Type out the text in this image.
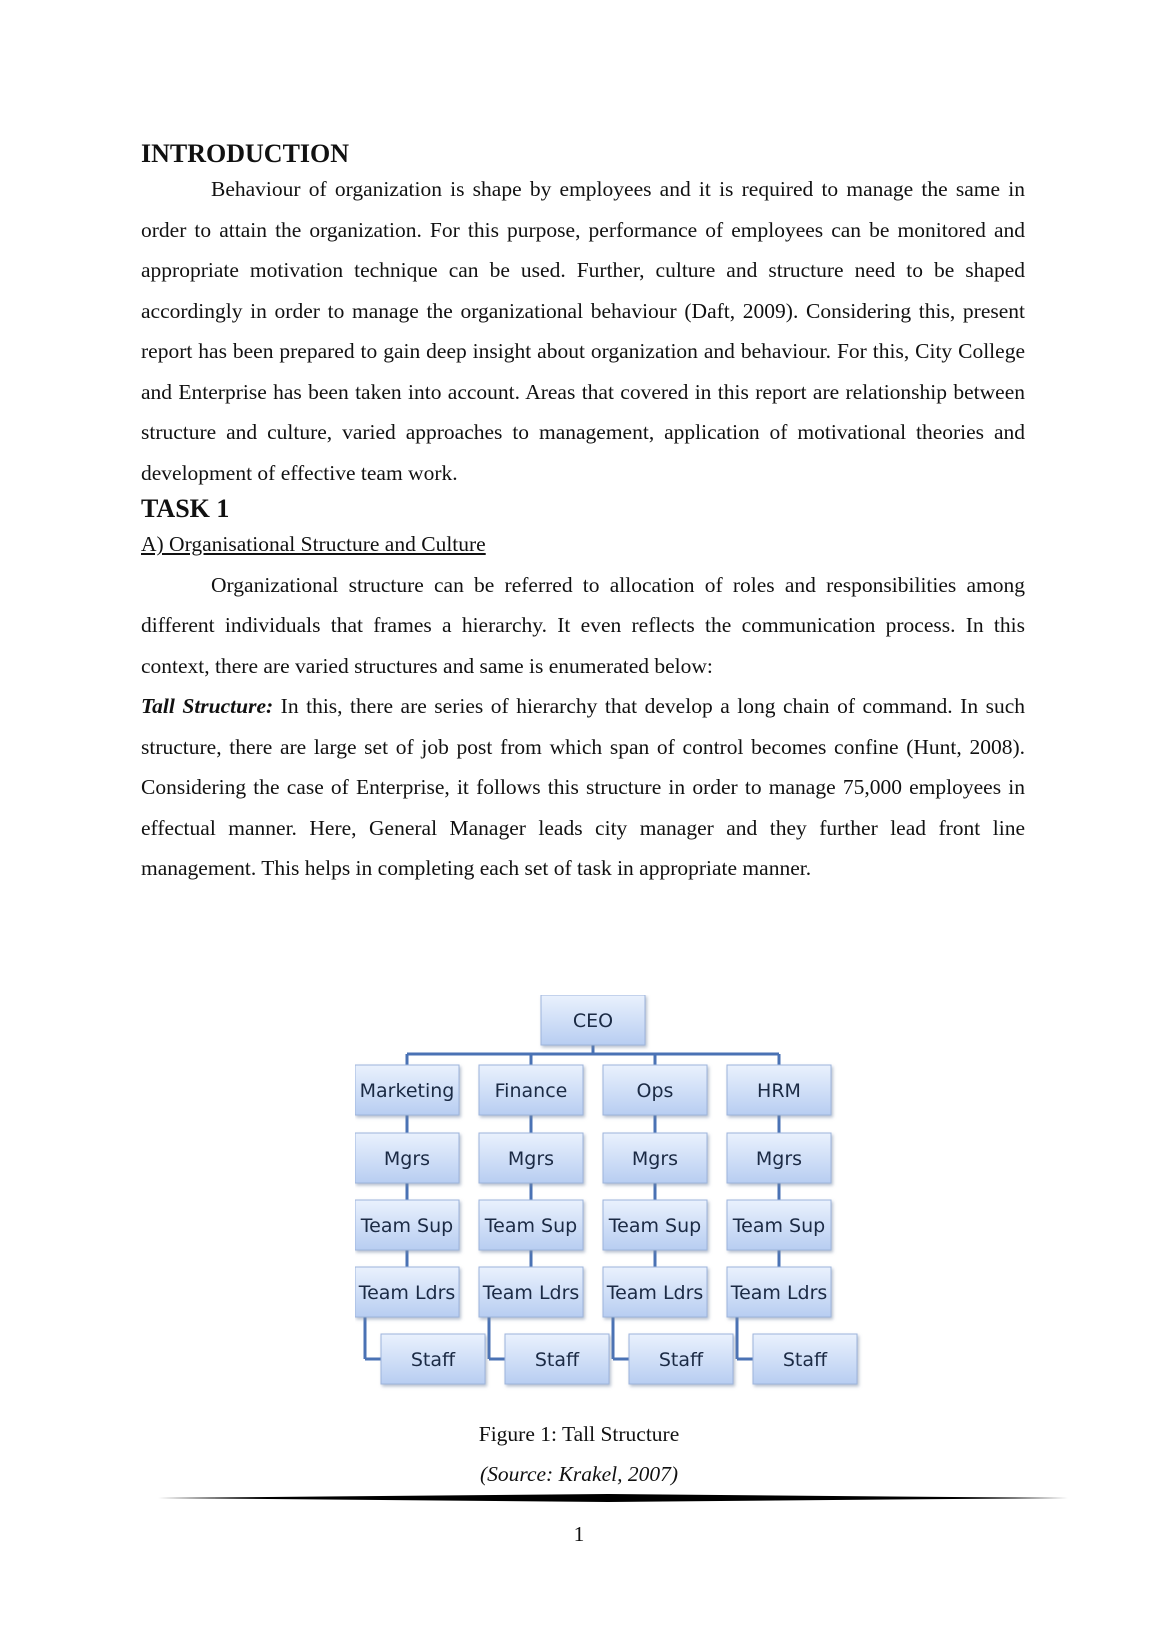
INTRODUCTION

Behaviour of organization is shape by employees and it is required to manage the same in order to attain the organization. For this purpose, performance of employees can be monitored and appropriate motivation technique can be used. Further, culture and structure need to be shaped accordingly in order to manage the organizational behaviour (Daft, 2009). Considering this, present report has been prepared to gain deep insight about organization and behaviour. For this, City College and Enterprise has been taken into account. Areas that covered in this report are relationship between structure and culture, varied approaches to management, application of motivational theories and development of effective team work.

TASK 1

A) Organisational Structure and Culture

Organizational structure can be referred to allocation of roles and responsibilities among different individuals that frames a hierarchy. It even reflects the communication process. In this context, there are varied structures and same is enumerated below:

Tall Structure: In this, there are series of hierarchy that develop a long chain of command. In such structure, there are large set of job post from which span of control becomes confine (Hunt, 2008). Considering the case of Enterprise, it follows this structure in order to manage 75,000 employees in effectual manner. Here, General Manager leads city manager and they further lead front line management. This helps in completing each set of task in appropriate manner.

CEO
Marketing
Mgrs
Team Sup
Team Ldrs
Staff
Finance
Mgrs
Team Sup
Team Ldrs
Staff
Ops
Mgrs
Team Sup
Team Ldrs
Staff
HRM
Mgrs
Team Sup
Team Ldrs
Staff
Figure 1: Tall Structure
(Source: Krakel, 2007)
1
